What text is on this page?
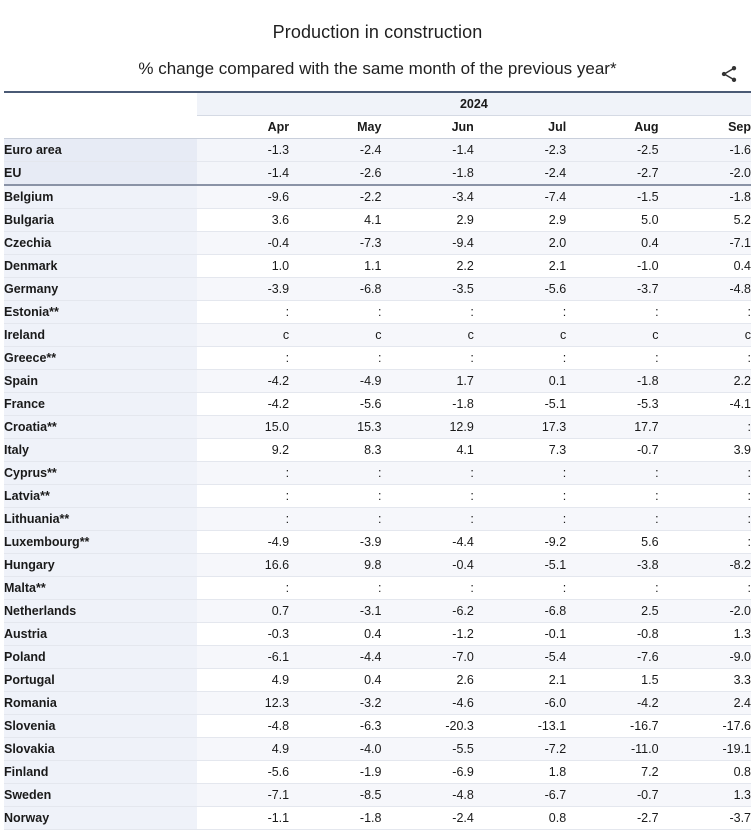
Production in construction
% change compared with the same month of the previous year*
	2024					
	Apr	May	Jun	Jul	Aug	Sep
Euro area	-1.3	-2.4	-1.4	-2.3	-2.5	-1.6
EU	-1.4	-2.6	-1.8	-2.4	-2.7	-2.0
Belgium	-9.6	-2.2	-3.4	-7.4	-1.5	-1.8
Bulgaria	3.6	4.1	2.9	2.9	5.0	5.2
Czechia	-0.4	-7.3	-9.4	2.0	0.4	-7.1
Denmark	1.0	1.1	2.2	2.1	-1.0	0.4
Germany	-3.9	-6.8	-3.5	-5.6	-3.7	-4.8
Estonia**	:	:	:	:	:	:
Ireland	c	c	c	c	c	c
Greece**	:	:	:	:	:	:
Spain	-4.2	-4.9	1.7	0.1	-1.8	2.2
France	-4.2	-5.6	-1.8	-5.1	-5.3	-4.1
Croatia**	15.0	15.3	12.9	17.3	17.7	:
Italy	9.2	8.3	4.1	7.3	-0.7	3.9
Cyprus**	:	:	:	:	:	:
Latvia**	:	:	:	:	:	:
Lithuania**	:	:	:	:	:	:
Luxembourg**	-4.9	-3.9	-4.4	-9.2	5.6	:
Hungary	16.6	9.8	-0.4	-5.1	-3.8	-8.2
Malta**	:	:	:	:	:	:
Netherlands	0.7	-3.1	-6.2	-6.8	2.5	-2.0
Austria	-0.3	0.4	-1.2	-0.1	-0.8	1.3
Poland	-6.1	-4.4	-7.0	-5.4	-7.6	-9.0
Portugal	4.9	0.4	2.6	2.1	1.5	3.3
Romania	12.3	-3.2	-4.6	-6.0	-4.2	2.4
Slovenia	-4.8	-6.3	-20.3	-13.1	-16.7	-17.6
Slovakia	4.9	-4.0	-5.5	-7.2	-11.0	-19.1
Finland	-5.6	-1.9	-6.9	1.8	7.2	0.8
Sweden	-7.1	-8.5	-4.8	-6.7	-0.7	1.3
Norway	-1.1	-1.8	-2.4	0.8	-2.7	-3.7
